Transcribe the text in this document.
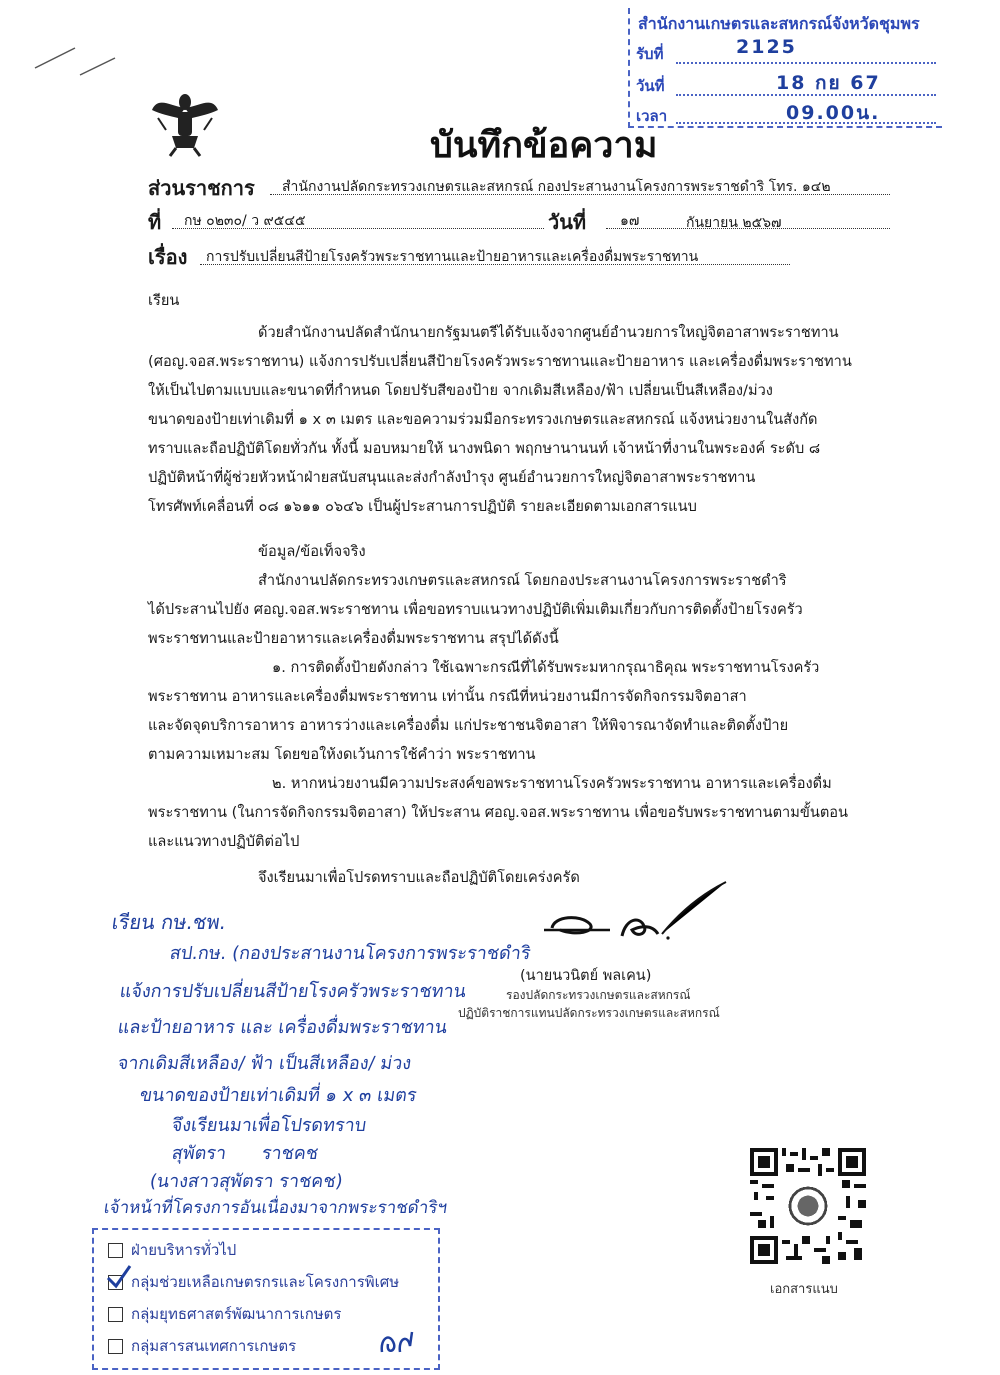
สำนักงานเกษตรและสหกรณ์จังหวัดชุมพร
รับที่	2125
วันที่	18 กย 67
เวลา	09.00น.
บันทึกข้อความ
ส่วนราชการ สำนักงานปลัดกระทรวงเกษตรและสหกรณ์ กองประสานงานโครงการพระราชดำริ โทร. ๑๔๒
ที่ กษ ๐๒๓๐/ ว ๙๕๔๕	วันที่ ๑๗	กันยายน ๒๕๖๗
เรื่อง การปรับเปลี่ยนสีป้ายโรงครัวพระราชทานและป้ายอาหารและเครื่องดื่มพระราชทาน
เรียน
ด้วยสำนักงานปลัดสำนักนายกรัฐมนตรีได้รับแจ้งจากศูนย์อำนวยการใหญ่จิตอาสาพระราชทาน
(ศอญ.จอส.พระราชทาน) แจ้งการปรับเปลี่ยนสีป้ายโรงครัวพระราชทานและป้ายอาหาร และเครื่องดื่มพระราชทาน
ให้เป็นไปตามแบบและขนาดที่กำหนด โดยปรับสีของป้าย จากเดิมสีเหลือง/ฟ้า เปลี่ยนเป็นสีเหลือง/ม่วง
ขนาดของป้ายเท่าเดิมที่ ๑ x ๓ เมตร และขอความร่วมมือกระทรวงเกษตรและสหกรณ์ แจ้งหน่วยงานในสังกัด
ทราบและถือปฏิบัติโดยทั่วกัน ทั้งนี้ มอบหมายให้ นางพนิดา พฤกษานานนท์ เจ้าหน้าที่งานในพระองค์ ระดับ ๘
ปฏิบัติหน้าที่ผู้ช่วยหัวหน้าฝ่ายสนับสนุนและส่งกำลังบำรุง ศูนย์อำนวยการใหญ่จิตอาสาพระราชทาน
โทรศัพท์เคลื่อนที่ ๐๘ ๑๖๑๑ ๐๖๔๖ เป็นผู้ประสานการปฏิบัติ รายละเอียดตามเอกสารแนบ
ข้อมูล/ข้อเท็จจริง
สำนักงานปลัดกระทรวงเกษตรและสหกรณ์ โดยกองประสานงานโครงการพระราชดำริ
ได้ประสานไปยัง ศอญ.จอส.พระราชทาน เพื่อขอทราบแนวทางปฏิบัติเพิ่มเติมเกี่ยวกับการติดตั้งป้ายโรงครัว
พระราชทานและป้ายอาหารและเครื่องดื่มพระราชทาน สรุปได้ดังนี้
๑. การติดตั้งป้ายดังกล่าว ใช้เฉพาะกรณีที่ได้รับพระมหากรุณาธิคุณ พระราชทานโรงครัว
พระราชทาน อาหารและเครื่องดื่มพระราชทาน เท่านั้น กรณีที่หน่วยงานมีการจัดกิจกรรมจิตอาสา
และจัดจุดบริการอาหาร อาหารว่างและเครื่องดื่ม แก่ประชาชนจิตอาสา ให้พิจารณาจัดทำและติดตั้งป้าย
ตามความเหมาะสม โดยขอให้งดเว้นการใช้คำว่า พระราชทาน
๒. หากหน่วยงานมีความประสงค์ขอพระราชทานโรงครัวพระราชทาน อาหารและเครื่องดื่ม
พระราชทาน (ในการจัดกิจกรรมจิตอาสา) ให้ประสาน ศอญ.จอส.พระราชทาน เพื่อขอรับพระราชทานตามขั้นตอน
และแนวทางปฏิบัติต่อไป
จึงเรียนมาเพื่อโปรดทราบและถือปฏิบัติโดยเคร่งครัด
(นายนวนิตย์ พลเคน)
รองปลัดกระทรวงเกษตรและสหกรณ์
ปฏิบัติราชการแทนปลัดกระทรวงเกษตรและสหกรณ์
เรียน กษ.ชพ.
สป.กษ. (กองประสานงานโครงการพระราชดำริ
แจ้งการปรับเปลี่ยนสีป้ายโรงครัวพระราชทาน
และป้ายอาหาร และ เครื่องดื่มพระราชทาน
จากเดิมสีเหลือง/ ฟ้า เป็นสีเหลือง/ ม่วง
ขนาดของป้ายเท่าเดิมที่ ๑ x ๓ เมตร
จึงเรียนมาเพื่อโปรดทราบ
สุพัตรา ราชคช
(นางสาวสุพัตรา ราชคช)
เจ้าหน้าที่โครงการอันเนื่องมาจากพระราชดำริฯ
ฝ่ายบริหารทั่วไป
กลุ่มช่วยเหลือเกษตรกรและโครงการพิเศษ
กลุ่มยุทธศาสตร์พัฒนาการเกษตร
กลุ่มสารสนเทศการเกษตร
เอกสารแนบ
